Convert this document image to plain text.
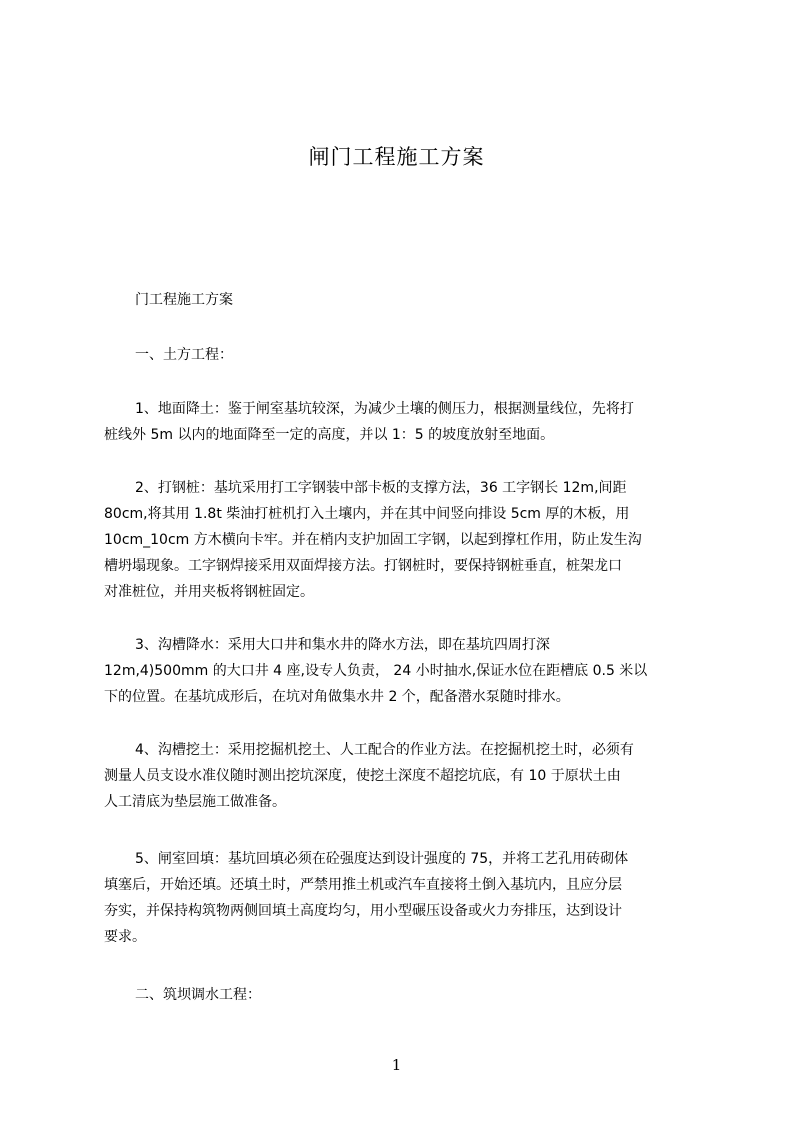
闸门工程施工方案
门工程施工方案
一、土方工程：
1、地面降土：鉴于闸室基坑较深，为减少土壤的侧压力，根据测量线位，先将打
桩线外 5m 以内的地面降至一定的高度，并以 1：5 的坡度放射至地面。
2、打钢桩：基坑采用打工字钢装中部卡板的支撑方法，36 工字钢长 12m,间距
80cm,将其用 1.8t 柴油打桩机打入土壤内，并在其中间竖向排设 5cm 厚的木板，用
10cm_10cm 方木横向卡牢。并在梢内支护加固工字钢，以起到撑杠作用，防止发生沟
槽坍塌现象。工字钢焊接采用双面焊接方法。打钢桩时，要保持钢桩垂直，桩架龙口
对准桩位，并用夹板将钢桩固定。
3、沟槽降水：采用大口井和集水井的降水方法，即在基坑四周打深
12m,4)500mm 的大口井 4 座,设专人负责， 24 小时抽水,保证水位在距槽底 0.5 米以
下的位置。在基坑成形后，在坑对角做集水井 2 个，配备潜水泵随时排水。
4、沟槽挖土：采用挖掘机挖土、人工配合的作业方法。在挖掘机挖土时，必须有
测量人员支设水准仪随时测出挖坑深度，使挖土深度不超挖坑底，有 10 于原状土由
人工清底为垫层施工做准备。
5、闸室回填：基坑回填必须在砼强度达到设计强度的 75，并将工艺孔用砖砌体
填塞后，开始还填。还填土时，严禁用推土机或汽车直接将土倒入基坑内，且应分层
夯实，并保持构筑物两侧回填土高度均匀，用小型碾压设备或火力夯排压，达到设计
要求。
二、筑坝调水工程：
1
